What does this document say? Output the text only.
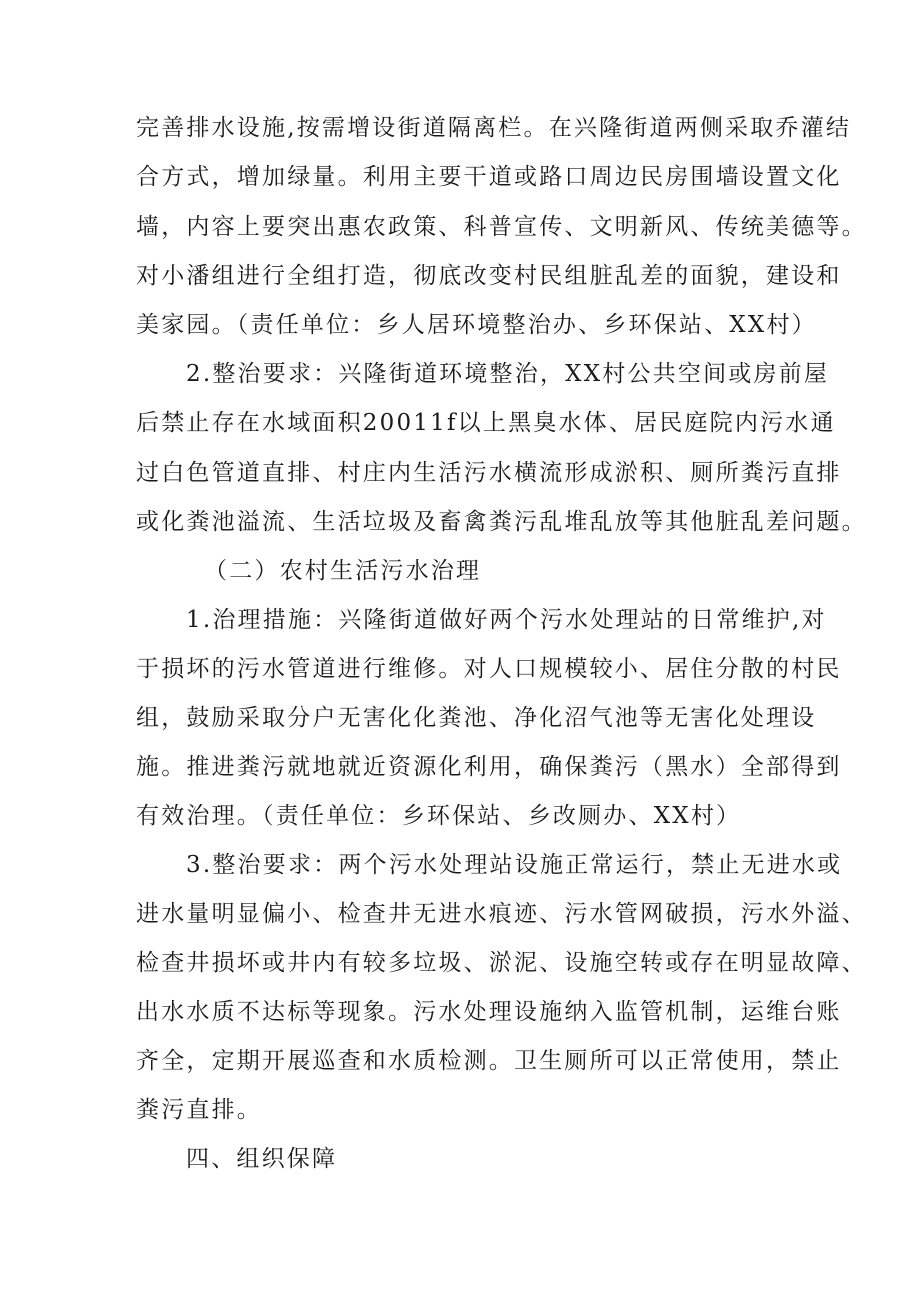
完善排水设施,按需增设街道隔离栏。在兴隆街道两侧采取乔灌结
合方式，增加绿量。利用主要干道或路口周边民房围墙设置文化
墙，内容上要突出惠农政策、科普宣传、文明新风、传统美德等。
对小潘组进行全组打造，彻底改变村民组脏乱差的面貌，建设和
美家园。（责任单位：乡人居环境整治办、乡环保站、XX村）
2.整治要求：兴隆街道环境整治，XX村公共空间或房前屋
后禁止存在水域面积20011f以上黑臭水体、居民庭院内污水通
过白色管道直排、村庄内生活污水横流形成淤积、厕所粪污直排
或化粪池溢流、生活垃圾及畜禽粪污乱堆乱放等其他脏乱差问题。
（二）农村生活污水治理
1.治理措施：兴隆街道做好两个污水处理站的日常维护,对
于损坏的污水管道进行维修。对人口规模较小、居住分散的村民
组，鼓励采取分户无害化化粪池、净化沼气池等无害化处理设
施。推进粪污就地就近资源化利用，确保粪污（黑水）全部得到
有效治理。（责任单位：乡环保站、乡改厕办、XX村）
3.整治要求：两个污水处理站设施正常运行，禁止无进水或
进水量明显偏小、检查井无进水痕迹、污水管网破损，污水外溢、
检查井损坏或井内有较多垃圾、淤泥、设施空转或存在明显故障、
出水水质不达标等现象。污水处理设施纳入监管机制，运维台账
齐全，定期开展巡查和水质检测。卫生厕所可以正常使用，禁止
粪污直排。
四、组织保障
